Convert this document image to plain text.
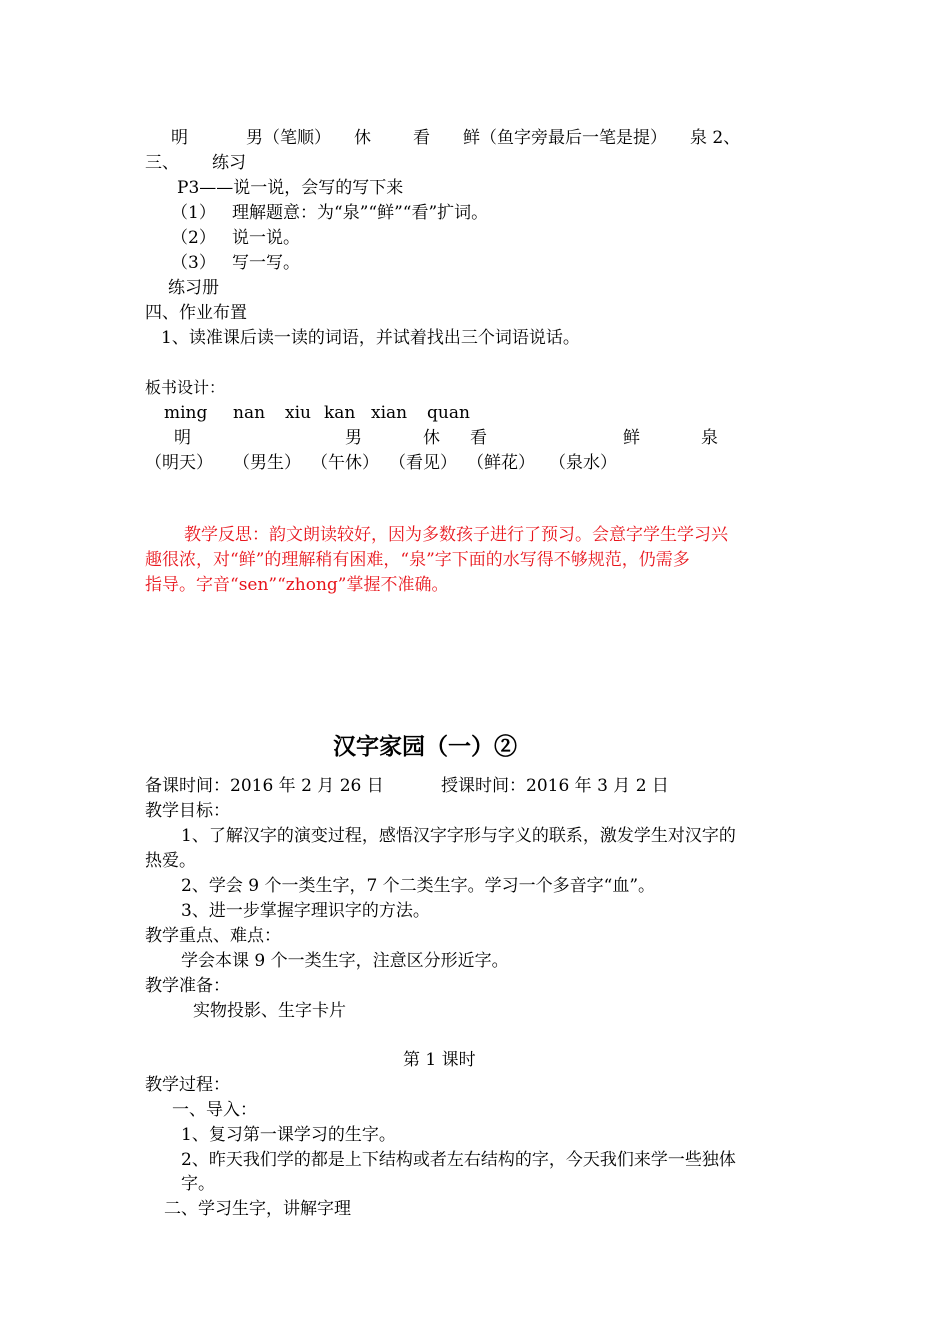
明	男（笔顺） 休 看 鲜（鱼字旁最后一笔是提） 泉 2、
三、 练习
P3——说一说，会写的写下来
（1） 理解题意：为“泉”“鲜”“看”扩词。
（2） 说一说。
（3） 写一写。
练习册
四、作业布置
1、读准课后读一读的词语，并试着找出三个词语说话。
板书设计：
ming nan xiu kan xian quan
明	男	休 看	鲜	泉
（明天） （男生） （午休） （看见） （鲜花） （泉水）
教学反思：韵文朗读较好，因为多数孩子进行了预习。会意字学生学习兴
趣很浓，对“鲜”的理解稍有困难，“泉”字下面的水写得不够规范，仍需多
指导。字音“sen”“zhong”掌握不准确。
汉字家园（一）②
备课时间：2016 年 2 月 26 日	授课时间：2016 年 3 月 2 日
教学目标：
1、了解汉字的演变过程，感悟汉字字形与字义的联系，激发学生对汉字的
热爱。
2、学会 9 个一类生字，7 个二类生字。学习一个多音字“血”。
3、进一步掌握字理识字的方法。
教学重点、难点：
学会本课 9 个一类生字，注意区分形近字。
教学准备：
实物投影、生字卡片
第 1 课时
教学过程：
一、导入：
1、复习第一课学习的生字。
2、昨天我们学的都是上下结构或者左右结构的字，今天我们来学一些独体
字。
二、学习生字，讲解字理
